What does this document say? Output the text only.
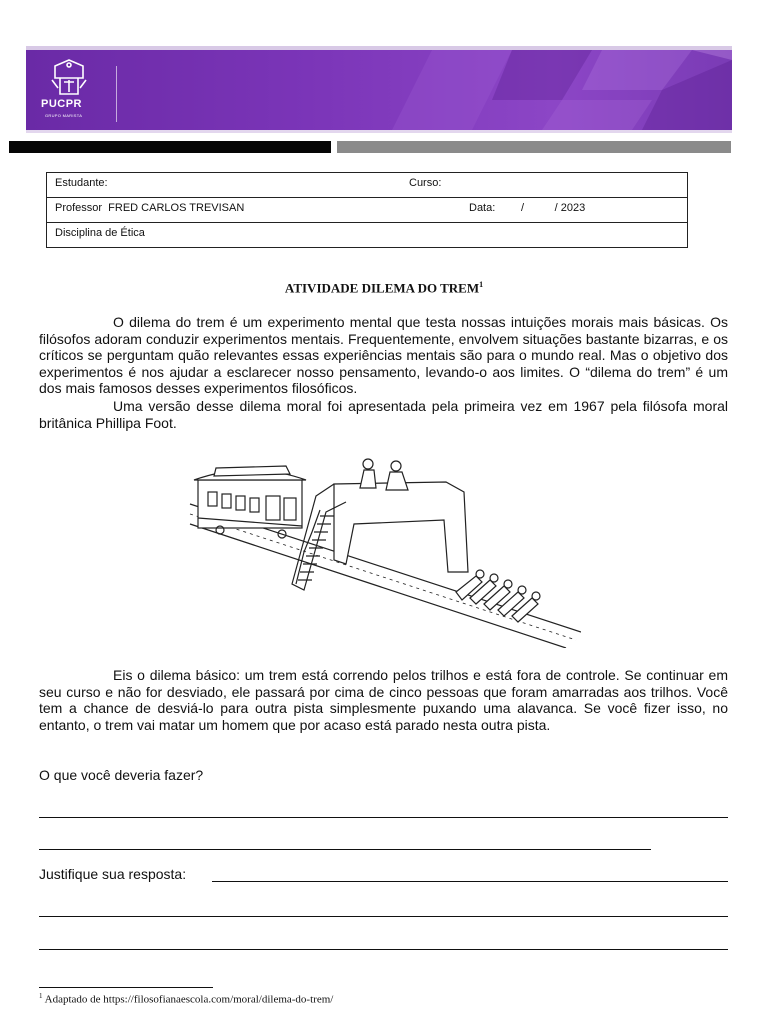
PUCPR
GRUPO MARISTA
Estudante:	Curso:
Professor  FRED CARLOS TREVISAN	Data: /          / 2023
Disciplina de Ética
ATIVIDADE DILEMA DO TREM$^1$

O dilema do trem é um experimento mental que testa nossas intuições morais mais básicas. Os filósofos adoram conduzir experimentos mentais. Frequentemente, envolvem situações bastante bizarras, e os críticos se perguntam quão relevantes essas experiências mentais são para o mundo real. Mas o objetivo dos experimentos é nos ajudar a esclarecer nosso pensamento, levando-o aos limites. O “dilema do trem” é um dos mais famosos desses experimentos filosóficos.

Uma versão desse dilema moral foi apresentada pela primeira vez em 1967 pela filósofa moral britânica Phillipa Foot.

Eis o dilema básico: um trem está correndo pelos trilhos e está fora de controle. Se continuar em seu curso e não for desviado, ele passará por cima de cinco pessoas que foram amarradas aos trilhos. Você tem a chance de desviá-lo para outra pista simplesmente puxando uma alavanca. Se você fizer isso, no entanto, o trem vai matar um homem que por acaso está parado nesta outra pista.

O que você deveria fazer?
Justifique sua resposta:
$^1$ Adaptado de https://filosofianaescola.com/moral/dilema-do-trem/
